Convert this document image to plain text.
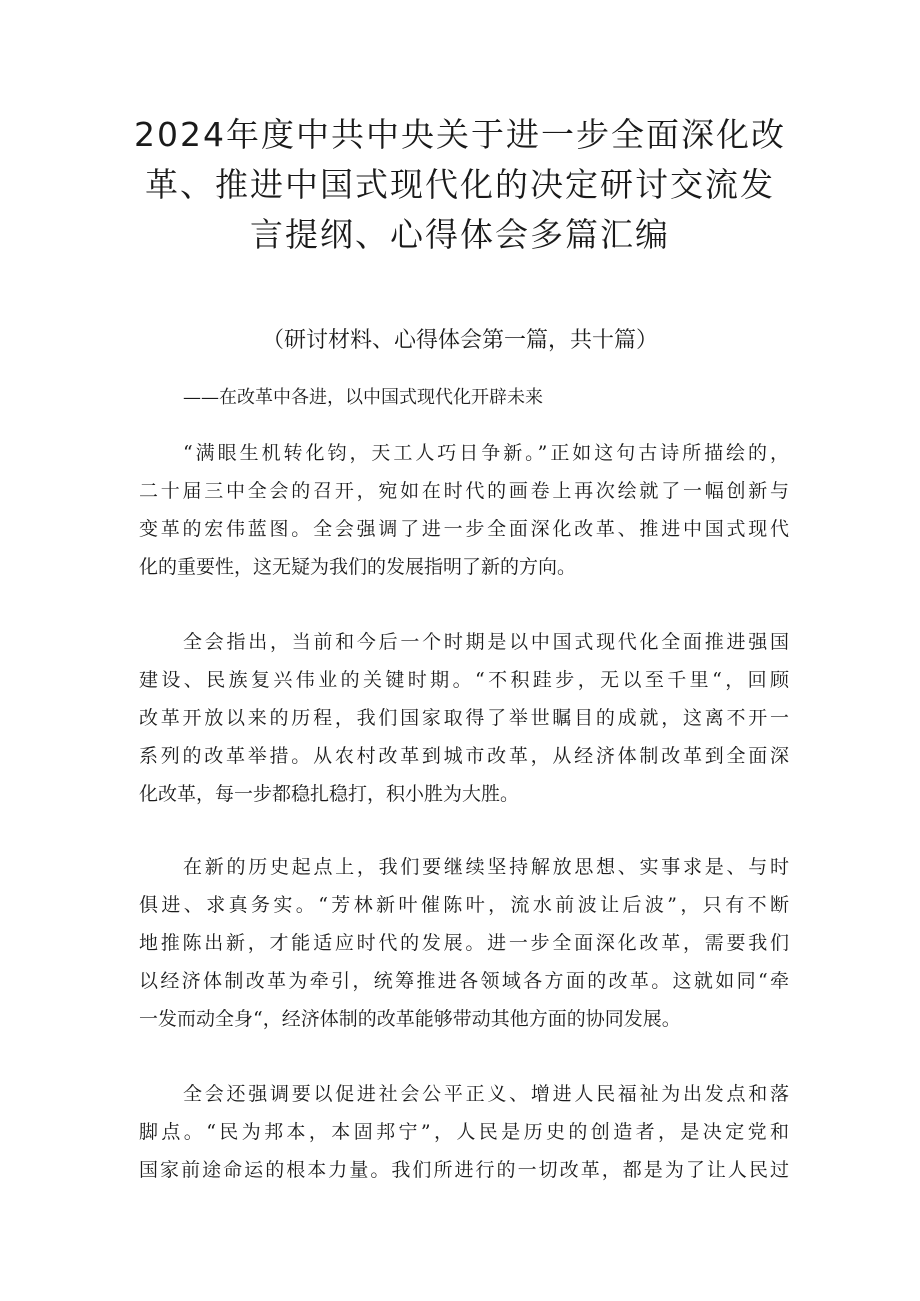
2024年度中共中央关于进一步全面深化改
革、推进中国式现代化的决定研讨交流发
言提纲、心得体会多篇汇编
（研讨材料、心得体会第一篇，共十篇）
——在改革中各进，以中国式现代化开辟未来
“满眼生机转化钧，天工人巧日争新。”正如这句古诗所描绘的，
二十届三中全会的召开，宛如在时代的画卷上再次绘就了一幅创新与
变革的宏伟蓝图。全会强调了进一步全面深化改革、推进中国式现代
化的重要性，这无疑为我们的发展指明了新的方向。
全会指出，当前和今后一个时期是以中国式现代化全面推进强国
建设、民族复兴伟业的关键时期。“不积跬步，无以至千里“，回顾
改革开放以来的历程，我们国家取得了举世瞩目的成就，这离不开一
系列的改革举措。从农村改革到城市改革，从经济体制改革到全面深
化改革，每一步都稳扎稳打，积小胜为大胜。
在新的历史起点上，我们要继续坚持解放思想、实事求是、与时
俱进、求真务实。“芳林新叶催陈叶，流水前波让后波”，只有不断
地推陈出新，才能适应时代的发展。进一步全面深化改革，需要我们
以经济体制改革为牵引，统筹推进各领域各方面的改革。这就如同“牵
一发而动全身“，经济体制的改革能够带动其他方面的协同发展。
全会还强调要以促进社会公平正义、增进人民福祉为出发点和落
脚点。“民为邦本，本固邦宁”，人民是历史的创造者，是决定党和
国家前途命运的根本力量。我们所进行的一切改革，都是为了让人民过
